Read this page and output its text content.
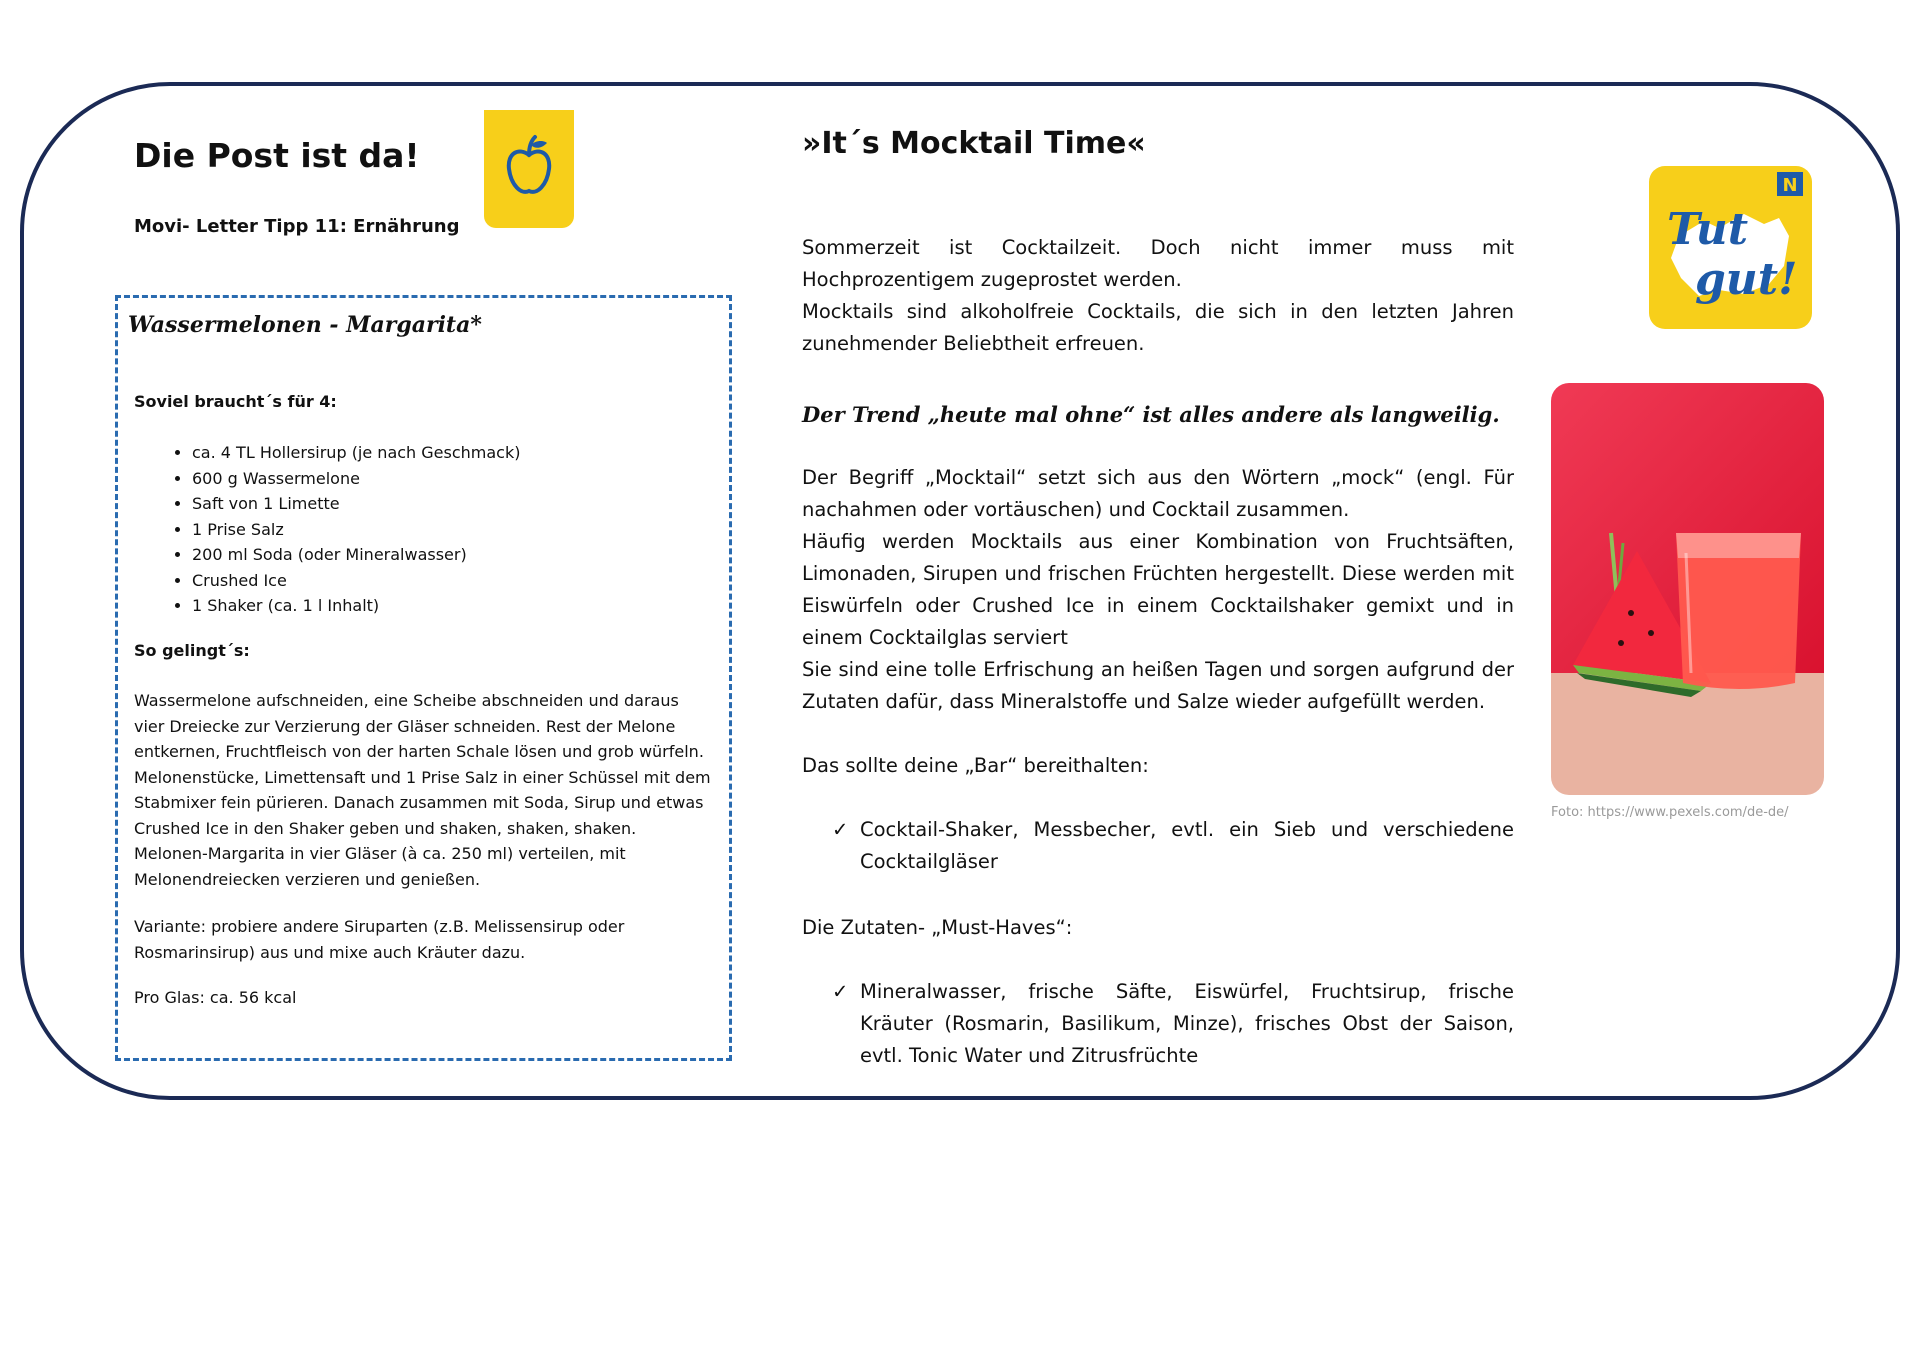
Die Post ist da!
Movi- Letter Tipp 11: Ernährung
Wassermelonen - Margarita*
Soviel braucht´s für 4:
• ca. 4 TL Hollersirup (je nach Geschmack)
• 600 g Wassermelone
• Saft von 1 Limette
• 1 Prise Salz
• 200 ml Soda (oder Mineralwasser)
• Crushed Ice
• 1 Shaker (ca. 1 l Inhalt)
So gelingt´s:
Wassermelone aufschneiden, eine Scheibe abschneiden und daraus vier Dreiecke zur Verzierung der Gläser schneiden. Rest der Melone entkernen, Fruchtfleisch von der harten Schale lösen und grob würfeln. Melonenstücke, Limettensaft und 1 Prise Salz in einer Schüssel mit dem Stabmixer fein pürieren. Danach zusammen mit Soda, Sirup und etwas Crushed Ice in den Shaker geben und shaken, shaken, shaken. Melonen-Margarita in vier Gläser (à ca. 250 ml) verteilen, mit Melonendreiecken verzieren und genießen.
Variante: probiere andere Siruparten (z.B. Melissensirup oder Rosmarinsirup) aus und mixe auch Kräuter dazu.
Pro Glas: ca. 56 kcal
»It´s Mocktail Time«
Sommerzeit ist Cocktailzeit. Doch nicht immer muss mit Hochprozentigem zugeprostet werden.
Mocktails sind alkoholfreie Cocktails, die sich in den letzten Jahren zunehmender Beliebtheit erfreuen.
Der Trend „heute mal ohne“ ist alles andere als langweilig.
Der Begriff „Mocktail“ setzt sich aus den Wörtern „mock“ (engl. Für nachahmen oder vortäuschen) und Cocktail zusammen.
Häufig werden Mocktails aus einer Kombination von Fruchtsäften, Limonaden, Sirupen und frischen Früchten hergestellt. Diese werden mit Eiswürfeln oder Crushed Ice in einem Cocktailshaker gemixt und in einem Cocktailglas serviert
Sie sind eine tolle Erfrischung an heißen Tagen und sorgen aufgrund der Zutaten dafür, dass Mineralstoffe und Salze wieder aufgefüllt werden.
Das sollte deine „Bar“ bereithalten:
✓ Cocktail-Shaker, Messbecher, evtl. ein Sieb und verschiedene Cocktailgläser
Die Zutaten- „Must-Haves“:
✓ Mineralwasser, frische Säfte, Eiswürfel, Fruchtsirup, frische Kräuter (Rosmarin, Basilikum, Minze), frisches Obst der Saison, evtl. Tonic Water und Zitrusfrüchte
N
Tut
gut!
Foto: https://www.pexels.com/de-de/
